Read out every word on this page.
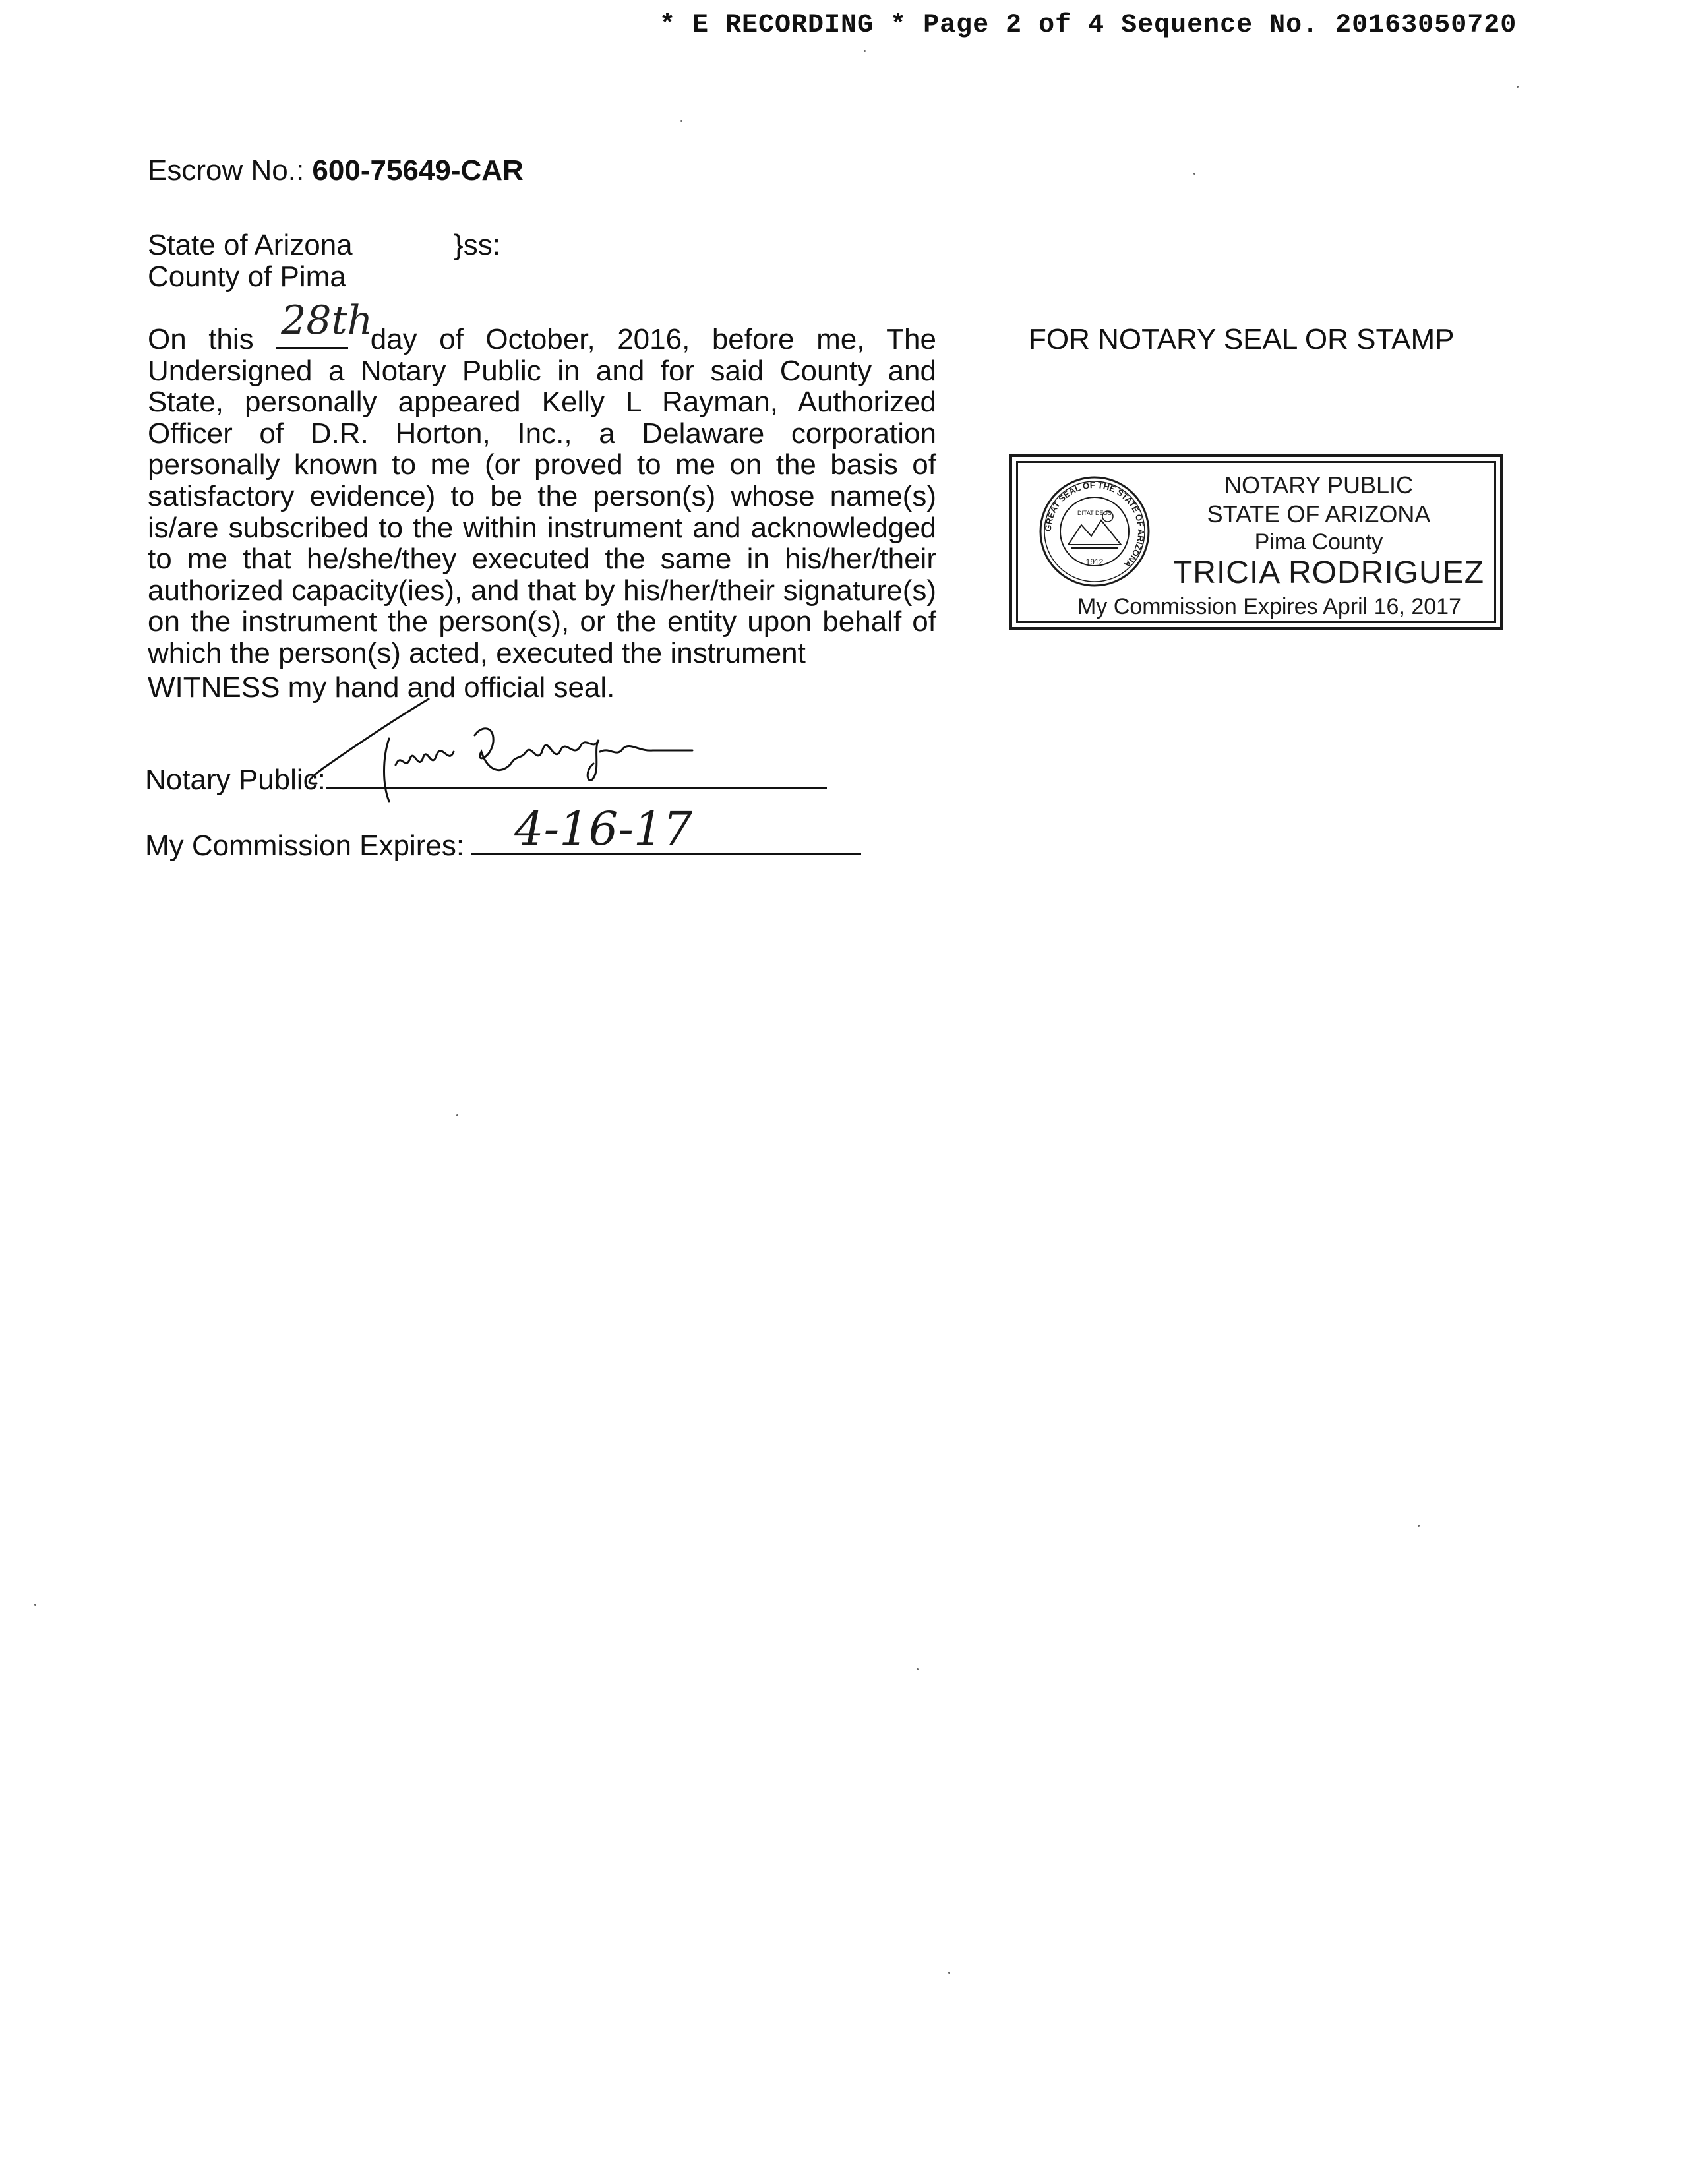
* E RECORDING * Page 2 of 4 Sequence No. 20163050720
Escrow No.: 600-75649-CAR
State of Arizona
County of Pima
}ss:
On this 28th
day of October, 2016, before me, The Undersigned a Notary Public in and for said County and State, personally appeared Kelly L Rayman, Authorized Officer of D.R. Horton, Inc., a Delaware corporation personally known to me (or proved to me on the basis of satisfactory evidence) to be the person(s) whose name(s) is/are subscribed to the within instrument and acknowledged to me that he/she/they executed the same in his/her/their authorized capacity(ies), and that by his/her/their signature(s) on the instrument the person(s), or the entity upon behalf of which the person(s) acted, executed the instrument
FOR NOTARY SEAL OR STAMP
GREAT SEAL OF THE STATE OF ARIZONA
DITAT DEUS
1912
NOTARY PUBLIC
STATE OF ARIZONA
Pima County
TRICIA RODRIGUEZ
My Commission Expires April 16, 2017
WITNESS my hand and official seal.
Notary Public:
My Commission Expires:	4-16-17
